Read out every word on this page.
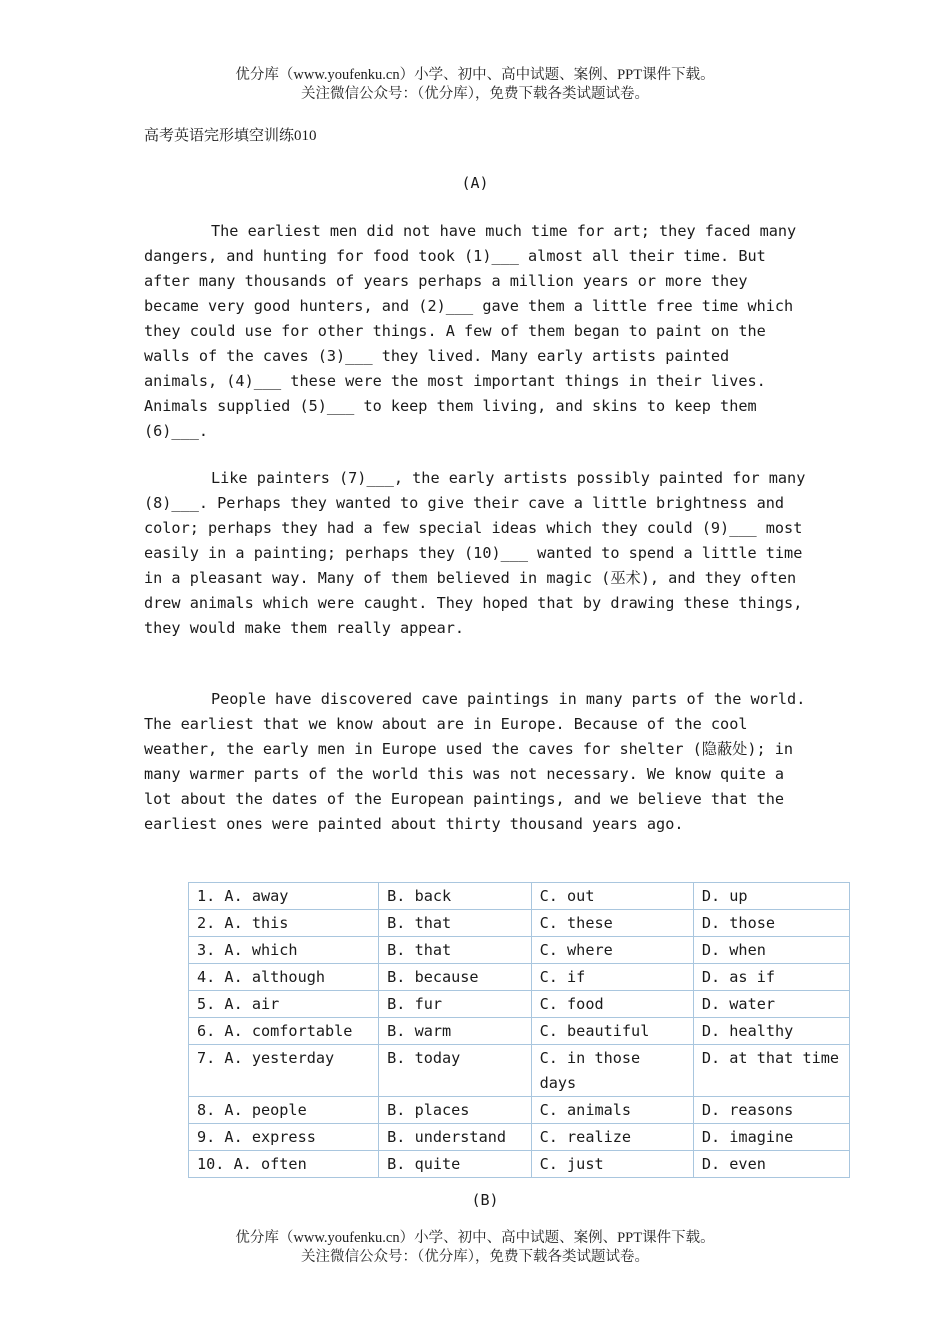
优分库（www.youfenku.cn）小学、初中、高中试题、案例、PPT课件下载。
关注微信公众号：（优分库），免费下载各类试题试卷。
高考英语完形填空训练010
(A)

The earliest men did not have much time for art; they faced many dangers, and hunting for food took (1)___ almost all their time. But after many thousands of years perhaps a million years or more they became very good hunters, and (2)___ gave them a little free time which they could use for other things. A few of them began to paint on the walls of the caves (3)___ they lived. Many early artists painted animals, (4)___ these were the most important things in their lives. Animals supplied (5)___ to keep them living, and skins to keep them (6)___.

Like painters (7)___, the early artists possibly painted for many (8)___. Perhaps they wanted to give their cave a little brightness and color; perhaps they had a few special ideas which they could (9)___ most easily in a painting; perhaps they (10)___ wanted to spend a little time in a pleasant way. Many of them believed in magic (巫术), and they often drew animals which were caught. They hoped that by drawing these things, they would make them really appear.

People have discovered cave paintings in many parts of the world. The earliest that we know about are in Europe. Because of the cool weather, the early men in Europe used the caves for shelter (隐蔽处); in many warmer parts of the world this was not necessary. We know quite a lot about the dates of the European paintings, and we believe that the earliest ones were painted about thirty thousand years ago.

1. A. away	B. back	C. out	D. up
2. A. this	B. that	C. these	D. those
3. A. which	B. that	C. where	D. when
4. A. although	B. because	C. if	D. as if
5. A. air	B. fur	C. food	D. water
6. A. comfortable	B. warm	C. beautiful	D. healthy
7. A. yesterday	B. today	C. in those days	D. at that time
8. A. people	B. places	C. animals	D. reasons
9. A. express	B. understand	C. realize	D. imagine
10. A. often	B. quite	C. just	D. even
(B)
优分库（www.youfenku.cn）小学、初中、高中试题、案例、PPT课件下载。
关注微信公众号：（优分库），免费下载各类试题试卷。
